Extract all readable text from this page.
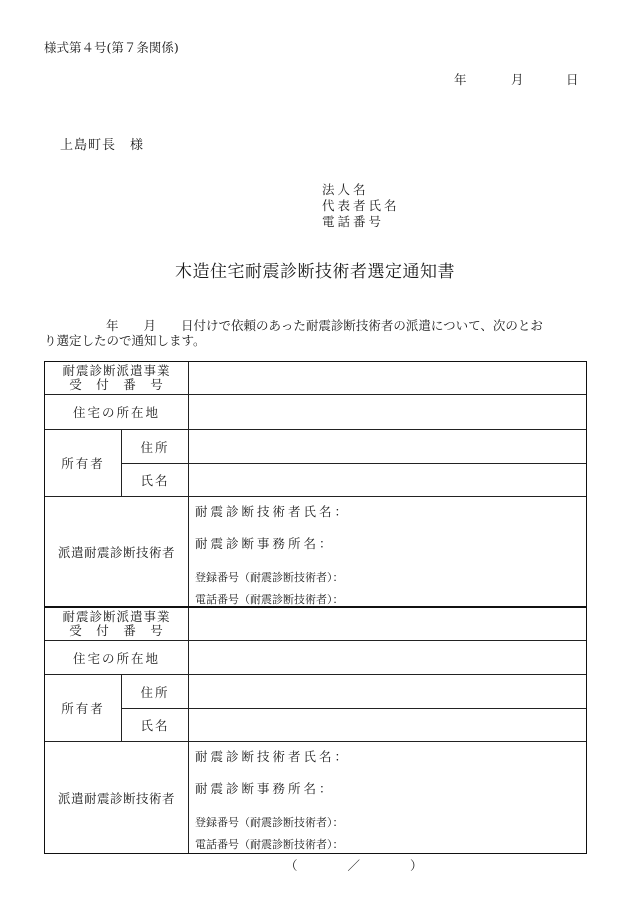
様式第４号(第７条関係)
年	月	日
上島町長　様
法人名
代表者氏名
電話番号
木造住宅耐震診断技術者選定通知書
年　　月　　日付けで依頼のあった耐震診断技術者の派遣について、次のとお
り選定したので通知します。
耐震診断派遣事業
受　付　番　号		

住宅の所在地		
所有者	住所	
	氏名	
派遣耐震診断技術者		耐震診断技術者氏名：
耐震診断事務所名：
登録番号（耐震診断技術者）：
電話番号（耐震診断技術者）：
耐震診断派遣事業
受　付　番　号		

住宅の所在地		
所有者	住所	
	氏名	
派遣耐震診断技術者		耐震診断技術者氏名：
耐震診断事務所名：
登録番号（耐震診断技術者）：
電話番号（耐震診断技術者）：
（　　　　／　　　　）
